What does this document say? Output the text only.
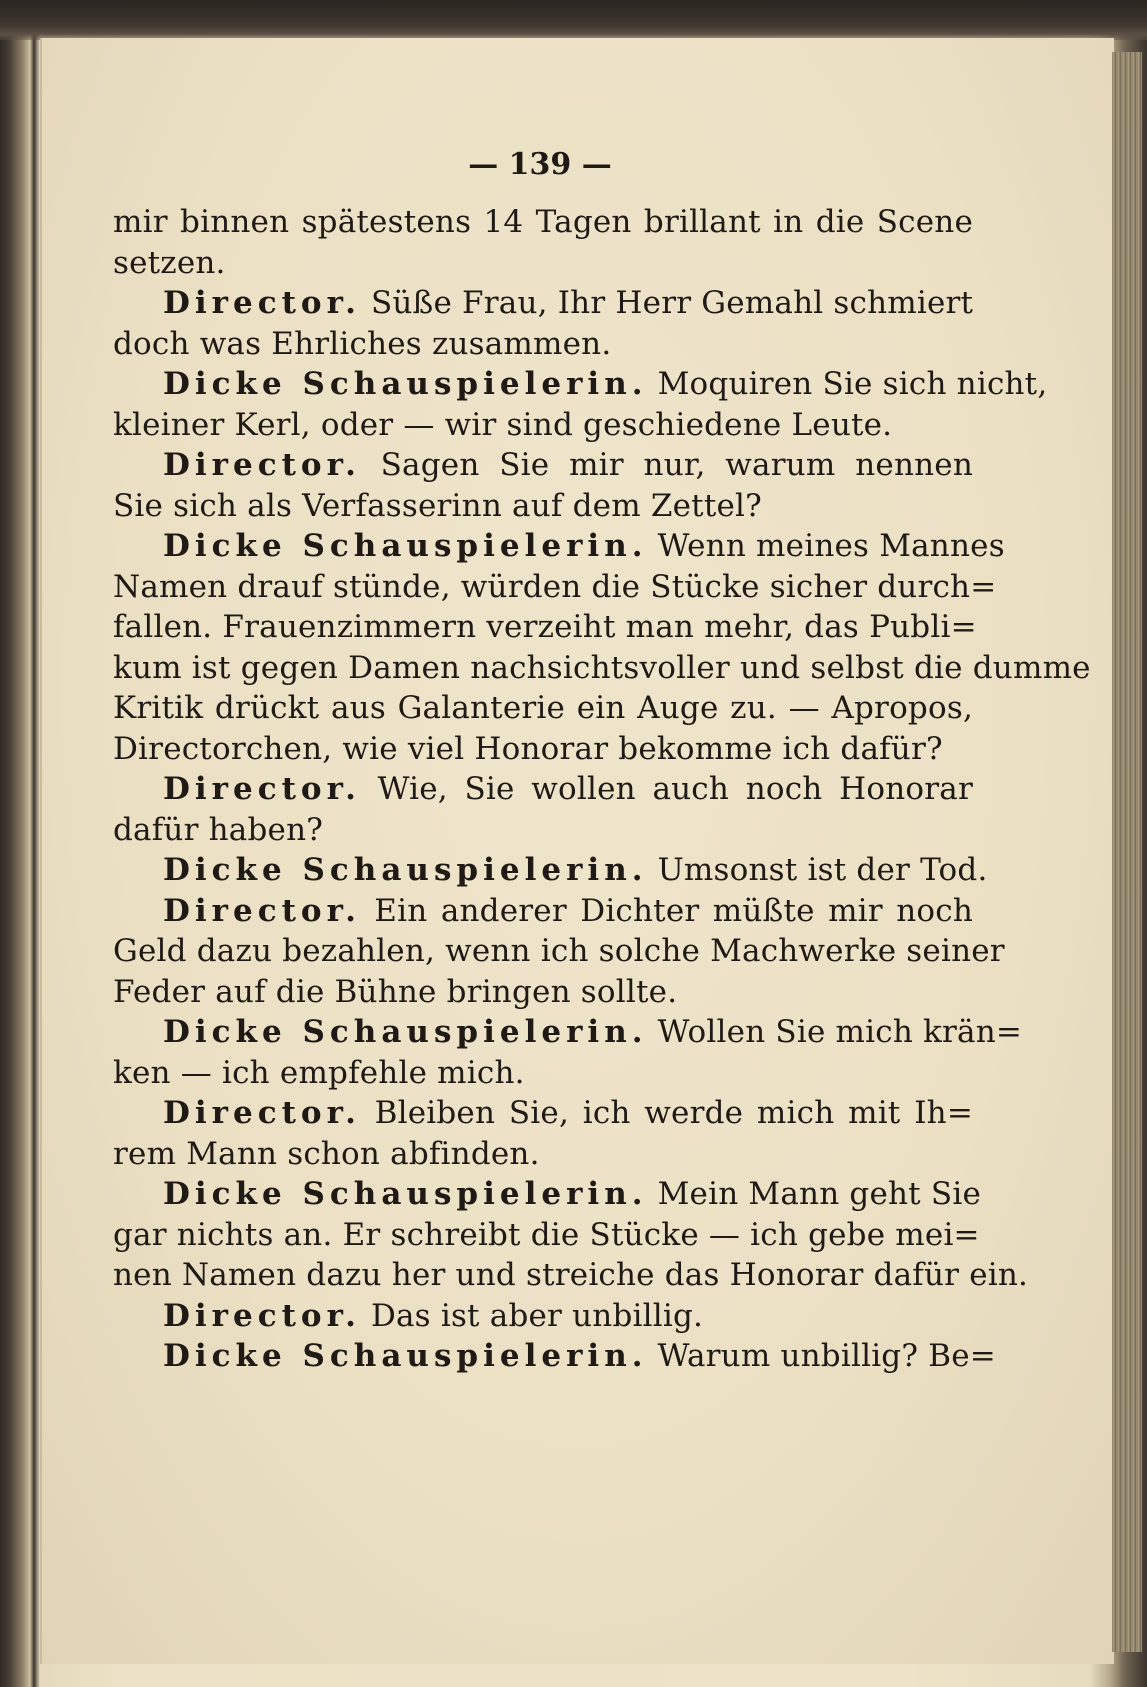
— 139 —
mir binnen spätestens 14 Tagen brillant in die Scene
setzen.
Director. Süße Frau, Ihr Herr Gemahl schmiert
doch was Ehrliches zusammen.
Dicke Schauspielerin. Moquiren Sie sich nicht,
kleiner Kerl, oder — wir sind geschiedene Leute.
Director. Sagen Sie mir nur, warum nennen
Sie sich als Verfasserinn auf dem Zettel?
Dicke Schauspielerin. Wenn meines Mannes
Namen drauf stünde, würden die Stücke sicher durch=
fallen. Frauenzimmern verzeiht man mehr, das Publi=
kum ist gegen Damen nachsichtsvoller und selbst die dumme
Kritik drückt aus Galanterie ein Auge zu. — Apropos,
Directorchen, wie viel Honorar bekomme ich dafür?
Director. Wie, Sie wollen auch noch Honorar
dafür haben?
Dicke Schauspielerin. Umsonst ist der Tod.
Director. Ein anderer Dichter müßte mir noch
Geld dazu bezahlen, wenn ich solche Machwerke seiner
Feder auf die Bühne bringen sollte.
Dicke Schauspielerin. Wollen Sie mich krän=
ken — ich empfehle mich.
Director. Bleiben Sie, ich werde mich mit Ih=
rem Mann schon abfinden.
Dicke Schauspielerin. Mein Mann geht Sie
gar nichts an. Er schreibt die Stücke — ich gebe mei=
nen Namen dazu her und streiche das Honorar dafür ein.
Director. Das ist aber unbillig.
Dicke Schauspielerin. Warum unbillig? Be=
